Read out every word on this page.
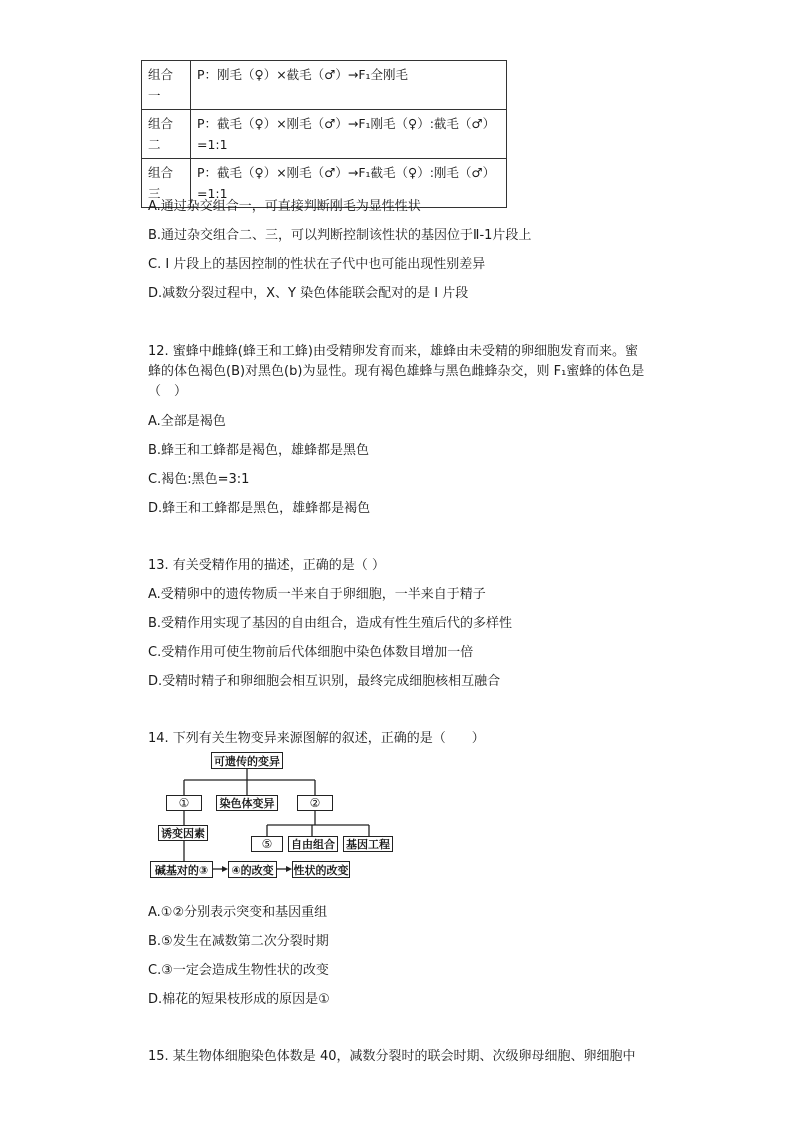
组合一	P：刚毛（♀）×截毛（♂）→F₁全刚毛
组合二	P：截毛（♀）×刚毛（♂）→F₁刚毛（♀）:截毛（♂）=1:1
组合三	P：截毛（♀）×刚毛（♂）→F₁截毛（♀）:刚毛（♂）=1:1
A.通过杂交组合一，可直接判断刚毛为显性性状
B.通过杂交组合二、三，可以判断控制该性状的基因位于Ⅱ-1片段上
C. I 片段上的基因控制的性状在子代中也可能出现性别差异
D.减数分裂过程中，X、Y 染色体能联会配对的是 I 片段
12. 蜜蜂中雌蜂(蜂王和工蜂)由受精卵发育而来，雄蜂由未受精的卵细胞发育而来。蜜
蜂的体色褐色(B)对黑色(b)为显性。现有褐色雄蜂与黑色雌蜂杂交，则 F₁蜜蜂的体色是
（　）
A.全部是褐色
B.蜂王和工蜂都是褐色，雄蜂都是黑色
C.褐色:黑色=3:1
D.蜂王和工蜂都是黑色，雄蜂都是褐色
13. 有关受精作用的描述，正确的是（ ）
A.受精卵中的遗传物质一半来自于卵细胞，一半来自于精子
B.受精作用实现了基因的自由组合，造成有性生殖后代的多样性
C.受精作用可使生物前后代体细胞中染色体数目增加一倍
D.受精时精子和卵细胞会相互识别，最终完成细胞核相互融合
14. 下列有关生物变异来源图解的叙述，正确的是（　　）
可遗传的变异
①	染色体变异	②
诱变因素
⑤	自由组合 基因工程
碱基对的③	④的改变	性状的改变
A.①②分别表示突变和基因重组
B.⑤发生在减数第二次分裂时期
C.③一定会造成生物性状的改变
D.棉花的短果枝形成的原因是①
15. 某生物体细胞染色体数是 40，减数分裂时的联会时期、次级卵母细胞、卵细胞中
